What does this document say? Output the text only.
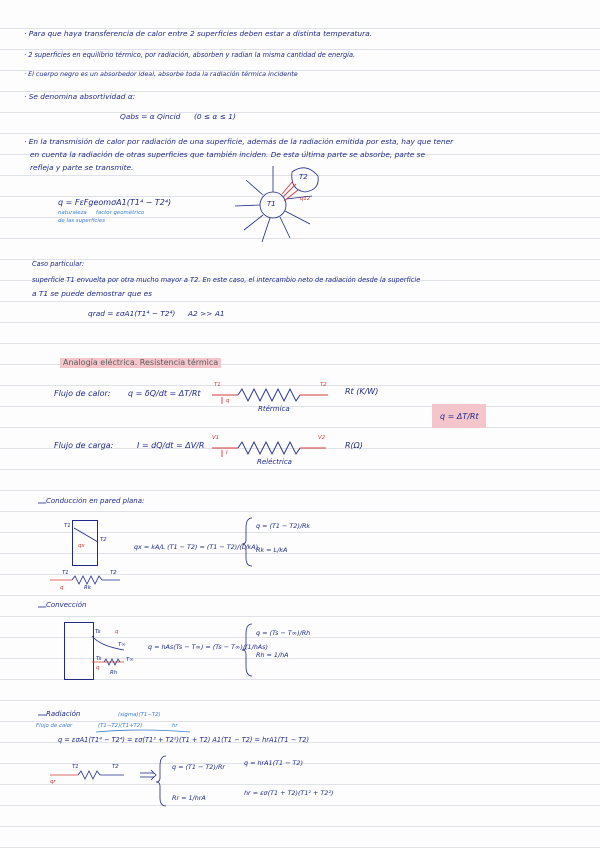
· Para que haya transferencia de calor entre 2 superficies deben estar a distinta temperatura.
· 2 superficies en equilibrio térmico, por radiación, absorben y radian la misma cantidad de energía.
· El cuerpo negro es un absorbedor ideal, absorbe toda la radiación térmica incidente
· Se denomina absortividad α:
Qabs = α Qincid (0 ≤ α ≤ 1)
· En la transmisión de calor por radiación de una superficie, además de la radiación emitida por esta, hay que tener
en cuenta la radiación de otras superficies que también inciden. De esta última parte se absorbe, parte se
refleja y parte se transmite.
q = FεFgeomσA1(T1⁴ − T2⁴)
naturaleza factor geométrico
de las superficies
T1
T2
q12
Caso particular:
superficie T1 envuelta por otra mucho mayor a T2. En este caso, el intercambio neto de radiación desde la superficie
a T1 se puede demostrar que es
qrad = εσA1(T1⁴ − T2⁴) A2 >> A1
Analogía eléctrica. Resistencia térmica
Flujo de calor: q = δQ/dt = ΔT/Rt	Rt (K/W)
T1	T2
q
Rtérmica
Flujo de carga:	I = dQ/dt = ΔV/R	R(Ω)
V1	V2
I
Reléctrica
q = ΔT/Rt
Conducción en pared plana:
T1
T2
qx	qx = kA/L (T1 − T2) = (T1 − T2)/(L/kA)
q = (T1 − T2)/Rk
Rk = L/kA
T1	T2
q	Rk
Convección
Ts
T∞
q
q = hAs(Ts − T∞) = (Ts − T∞)/(1/hAs)
q = (Ts − T∞)/Rh
Rh = 1/hA
Ts	T∞
q
Rh
Radiación
Flujo de calor
(sigma)(T1−T2)
(T1−T2)(T1+T2)	hr
q = εσA1(T1⁴ − T2⁴) = εσ(T1² + T2²)(T1 + T2) A1(T1 − T2) = hrA1(T1 − T2)
T1	T2
qr
q = (T1 − T2)/Rr
Rr = 1/hrA
q = hrA1(T1 − T2)
hr = εσ(T1 + T2)(T1² + T2²)
